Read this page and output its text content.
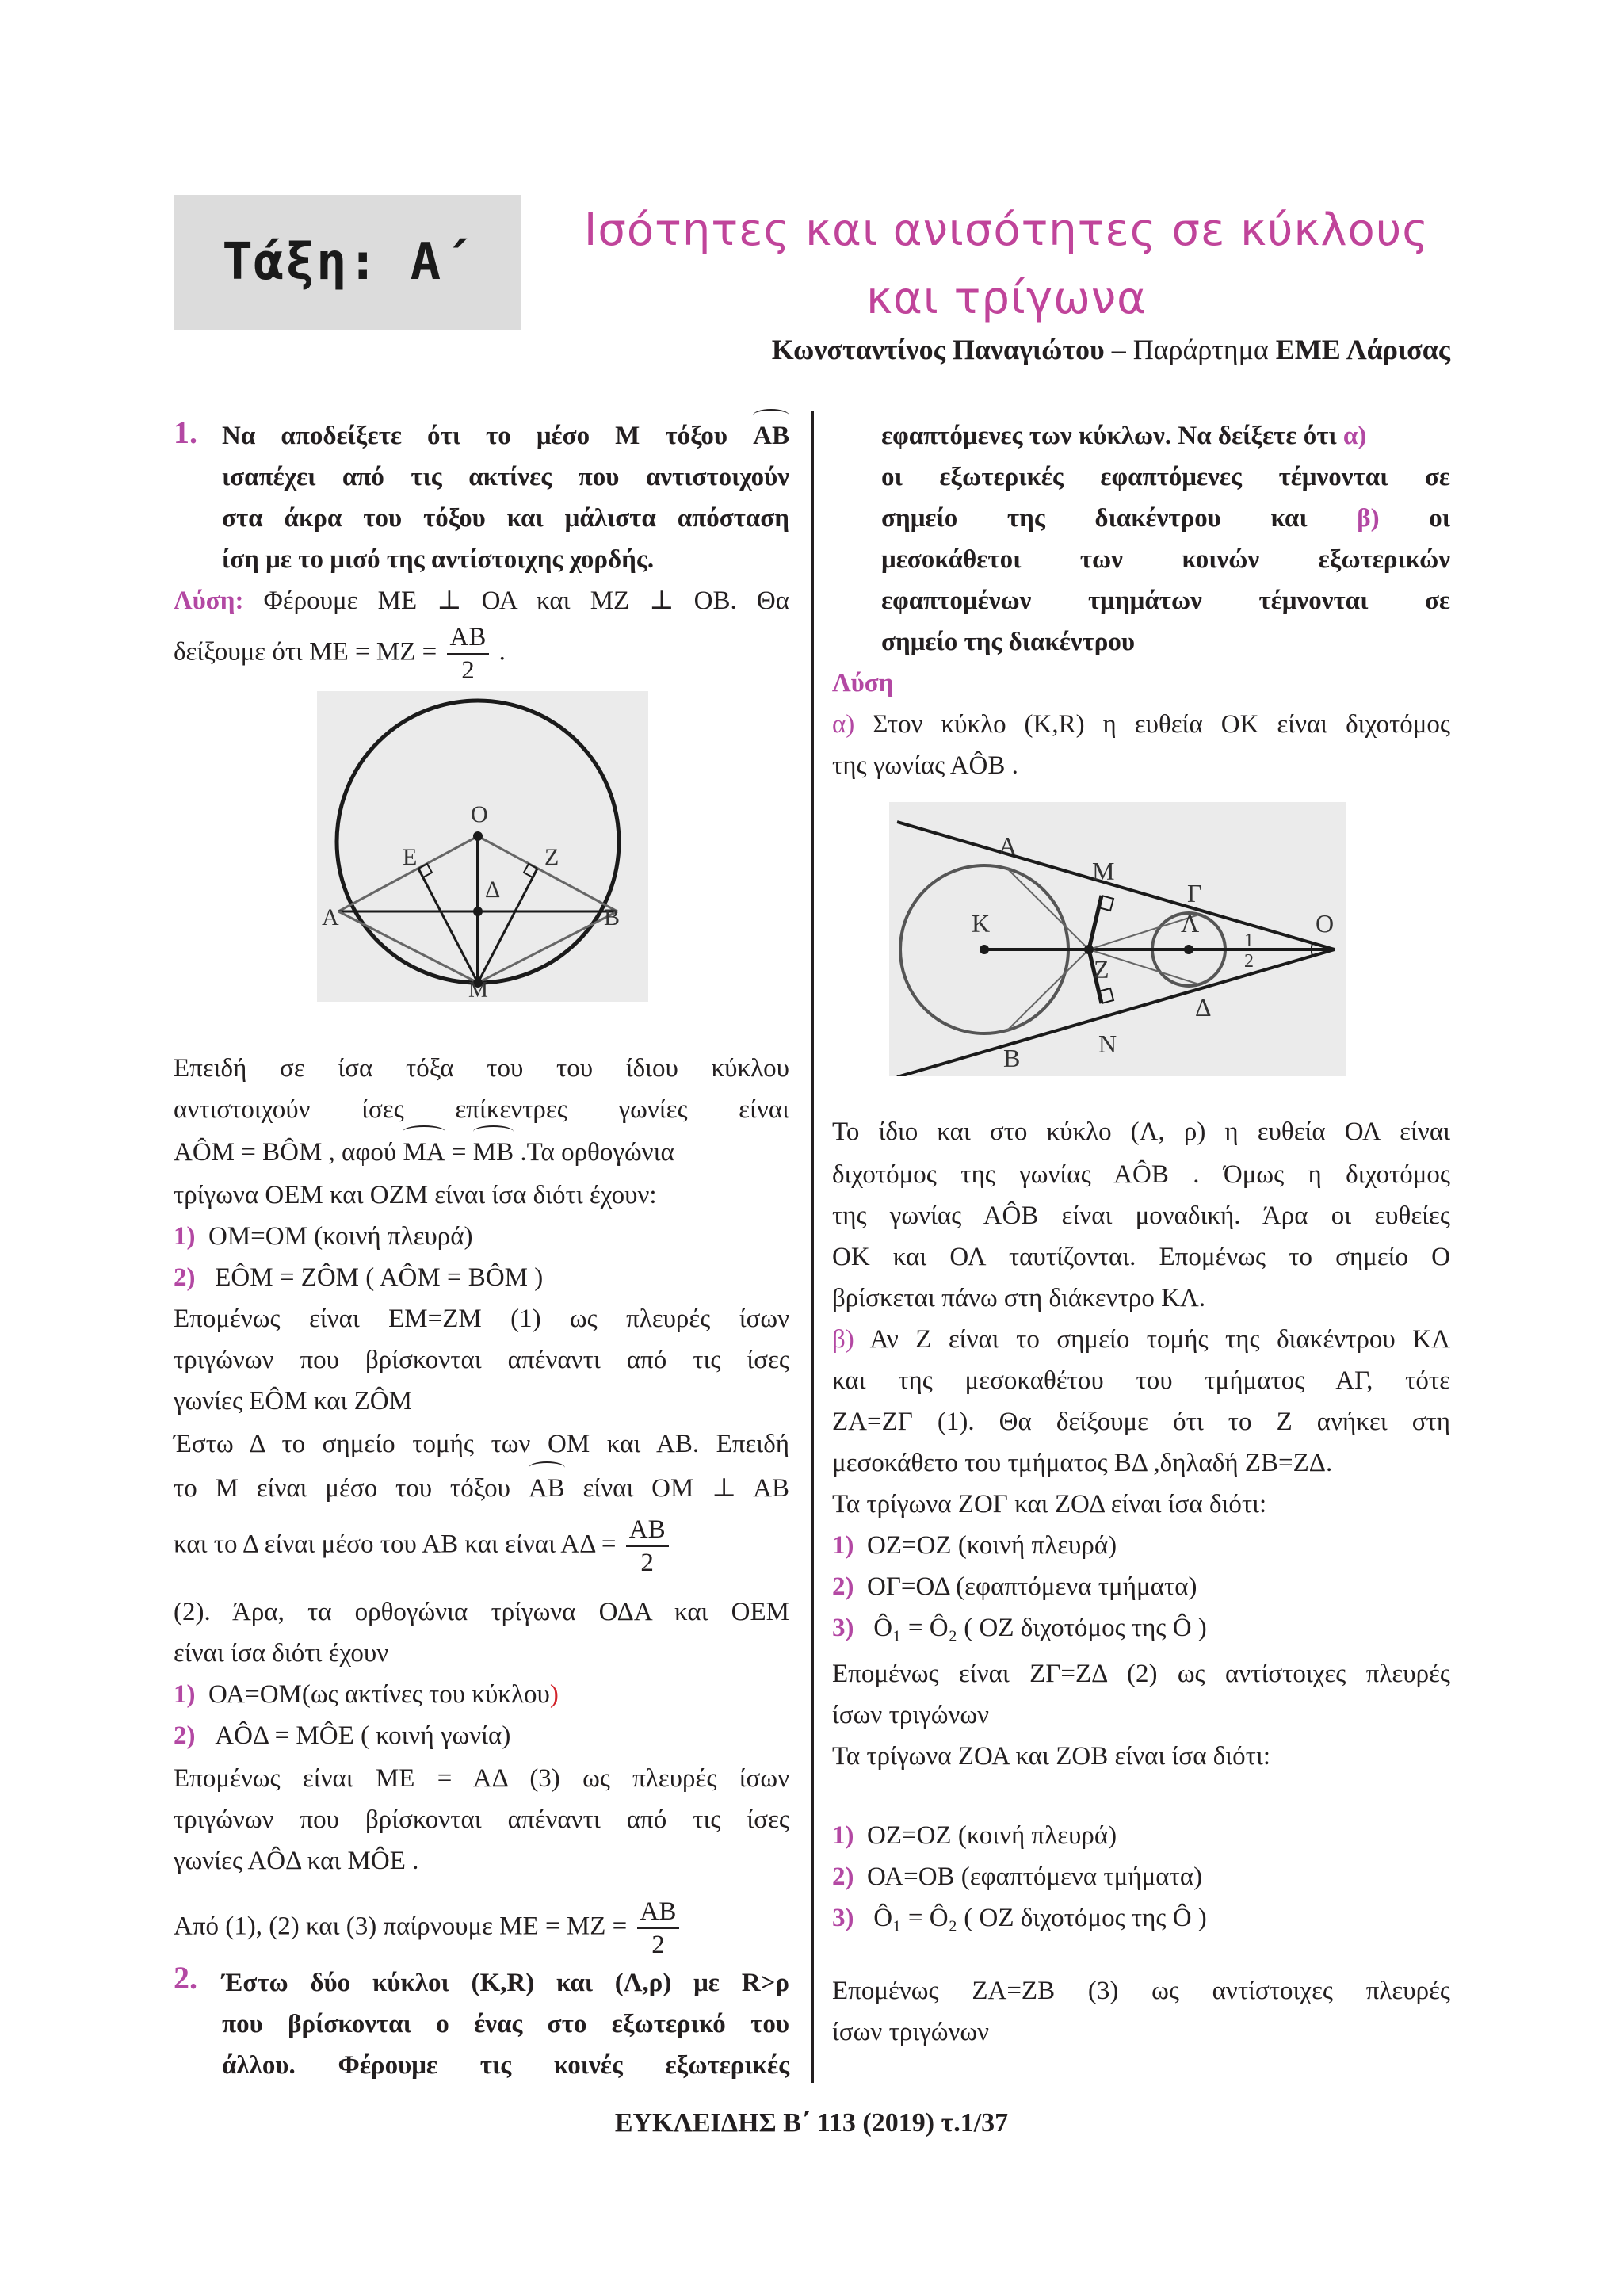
Τάξη: Α΄
Ισότητες και ανισότητες σε κύκλους
και τρίγωνα
Κωνσταντίνος Παναγιώτου – Παράρτημα ΕΜΕ Λάρισας
1. Να αποδείξετε ότι το μέσο Μ τόξου AB
ισαπέχει από τις ακτίνες που αντιστοιχούν
στα άκρα του τόξου και μάλιστα απόσταση
ίση με το μισό της αντίστοιχης χορδής.
Λύση: Φέρουμε ΜΕ ⊥ ΟΑ και ΜΖ ⊥ ΟΒ. Θα
δείξουμε ότι $ME = MZ = \frac{AB}{2}$ .
Ο
Ε	Z
A	B
Δ
Μ
Επειδή σε ίσα τόξα του του ίδιου κύκλου
αντιστοιχούν ίσες επίκεντρες γωνίες είναι
ΑÔΜ = ΒÔΜ , αφού ΜΑ = ΜΒ .Τα ορθογώνια
τρίγωνα ΟΕΜ και ΟΖΜ είναι ίσα διότι έχουν:
1) ΟΜ=ΟΜ (κοινή πλευρά)
2) ΕÔΜ = ΖÔΜ ( ΑÔΜ = ΒÔΜ )
Επομένως είναι ΕΜ=ΖΜ (1) ως πλευρές ίσων
τριγώνων που βρίσκονται απέναντι από τις ίσες
γωνίες ΕÔΜ και ΖÔΜ
Έστω Δ το σημείο τομής των ΟΜ και ΑΒ. Επειδή
το Μ είναι μέσο του τόξου ΑΒ είναι ΟΜ ⊥ ΑΒ
και το Δ είναι μέσο του ΑΒ και είναι $A\Delta = \frac{AB}{2}$
(2). Άρα, τα ορθογώνια τρίγωνα ΟΔΑ και ΟΕΜ
είναι ίσα διότι έχουν
1) ΟΑ=ΟΜ(ως ακτίνες του κύκλου)
2) ΑÔΔ = ΜÔΕ ( κοινή γωνία)
Επομένως είναι ΜΕ = ΑΔ (3) ως πλευρές ίσων
τριγώνων που βρίσκονται απέναντι από τις ίσες
γωνίες ΑÔΔ και ΜÔΕ .
Από (1), (2) και (3) παίρνουμε $ME = MZ = \frac{AB}{2}$
2. Έστω δύο κύκλοι (Κ,R) και (Λ,ρ) με R>ρ
που βρίσκονται ο ένας στο εξωτερικό του
άλλου. Φέρουμε τις κοινές εξωτερικές
εφαπτόμενες των κύκλων. Να δείξετε ότι α)
οι εξωτερικές εφαπτόμενες τέμνονται σε
σημείο της διακέντρου και β) οι
μεσοκάθετοι των κοινών εξωτερικών
εφαπτομένων τμημάτων τέμνονται σε
σημείο της διακέντρου
Λύση
α) Στον κύκλο (Κ,R) η ευθεία ΟΚ είναι διχοτόμος
της γωνίας ΑÔΒ .
Α
Μ
Γ
Κ	Λ	Ο
1
2
Ζ
Δ
Β	Ν
Το ίδιο και στο κύκλο (Λ, ρ) η ευθεία ΟΛ είναι
διχοτόμος της γωνίας ΑÔΒ . Όμως η διχοτόμος
της γωνίας ΑÔΒ είναι μοναδική. Άρα οι ευθείες
ΟΚ και ΟΛ ταυτίζονται. Επομένως το σημείο Ο
βρίσκεται πάνω στη διάκεντρο ΚΛ.
β) Αν Ζ είναι το σημείο τομής της διακέντρου ΚΛ
και της μεσοκαθέτου του τμήματος ΑΓ, τότε
ΖΑ=ΖΓ (1). Θα δείξουμε ότι το Ζ ανήκει στη
μεσοκάθετο του τμήματος ΒΔ ,δηλαδή ΖΒ=ΖΔ.
Τα τρίγωνα ΖΟΓ και ΖΟΔ είναι ίσα διότι:
1) ΟΖ=ΟΖ (κοινή πλευρά)
2) ΟΓ=ΟΔ (εφαπτόμενα τμήματα)
3) Ô₁ = Ô₂ ( ΟΖ διχοτόμος της Ô )
Επομένως είναι ΖΓ=ΖΔ (2) ως αντίστοιχες πλευρές
ίσων τριγώνων
Τα τρίγωνα ΖΟΑ και ΖΟΒ είναι ίσα διότι:
1) ΟΖ=ΟΖ (κοινή πλευρά)
2) ΟΑ=ΟΒ (εφαπτόμενα τμήματα)
3) Ô₁ = Ô₂ ( ΟΖ διχοτόμος της Ô )
Επομένως ΖΑ=ΖΒ (3) ως αντίστοιχες πλευρές
ίσων τριγώνων
ΕΥΚΛΕΙΔΗΣ Β΄ 113 (2019) τ.1/37
